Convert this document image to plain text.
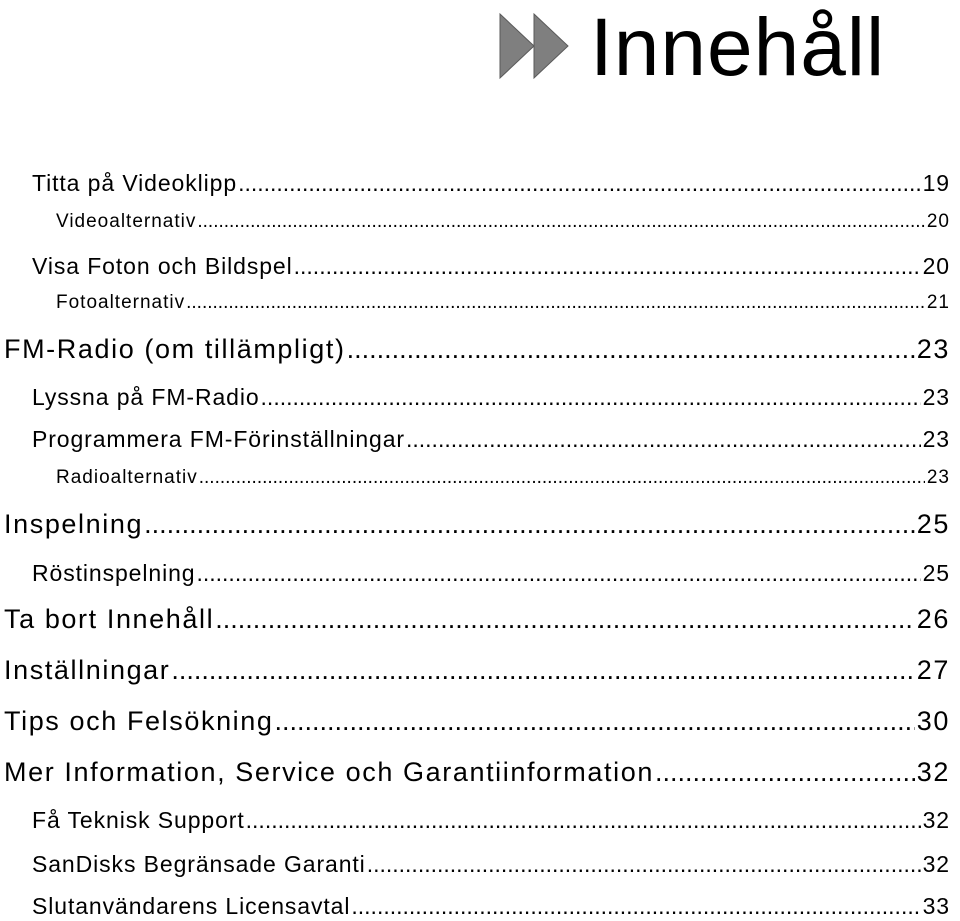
Innehåll
Titta på Videoklipp .....	19
Videoalternativ .....	20
Visa Foton och Bildspel .....	20
Fotoalternativ .....	21
FM-Radio (om tillämpligt) .....	23
Lyssna på FM-Radio .....	23
Programmera FM-Förinställningar .....	23
Radioalternativ .....	23
Inspelning .....	25
Röstinspelning .....	25
Ta bort Innehåll .....	26
Inställningar .....	27
Tips och Felsökning .....	30
Mer Information, Service och Garantiinformation .....	32
Få Teknisk Support .....	32
SanDisks Begränsade Garanti .....	32
Slutanvändarens Licensavtal .....	33
